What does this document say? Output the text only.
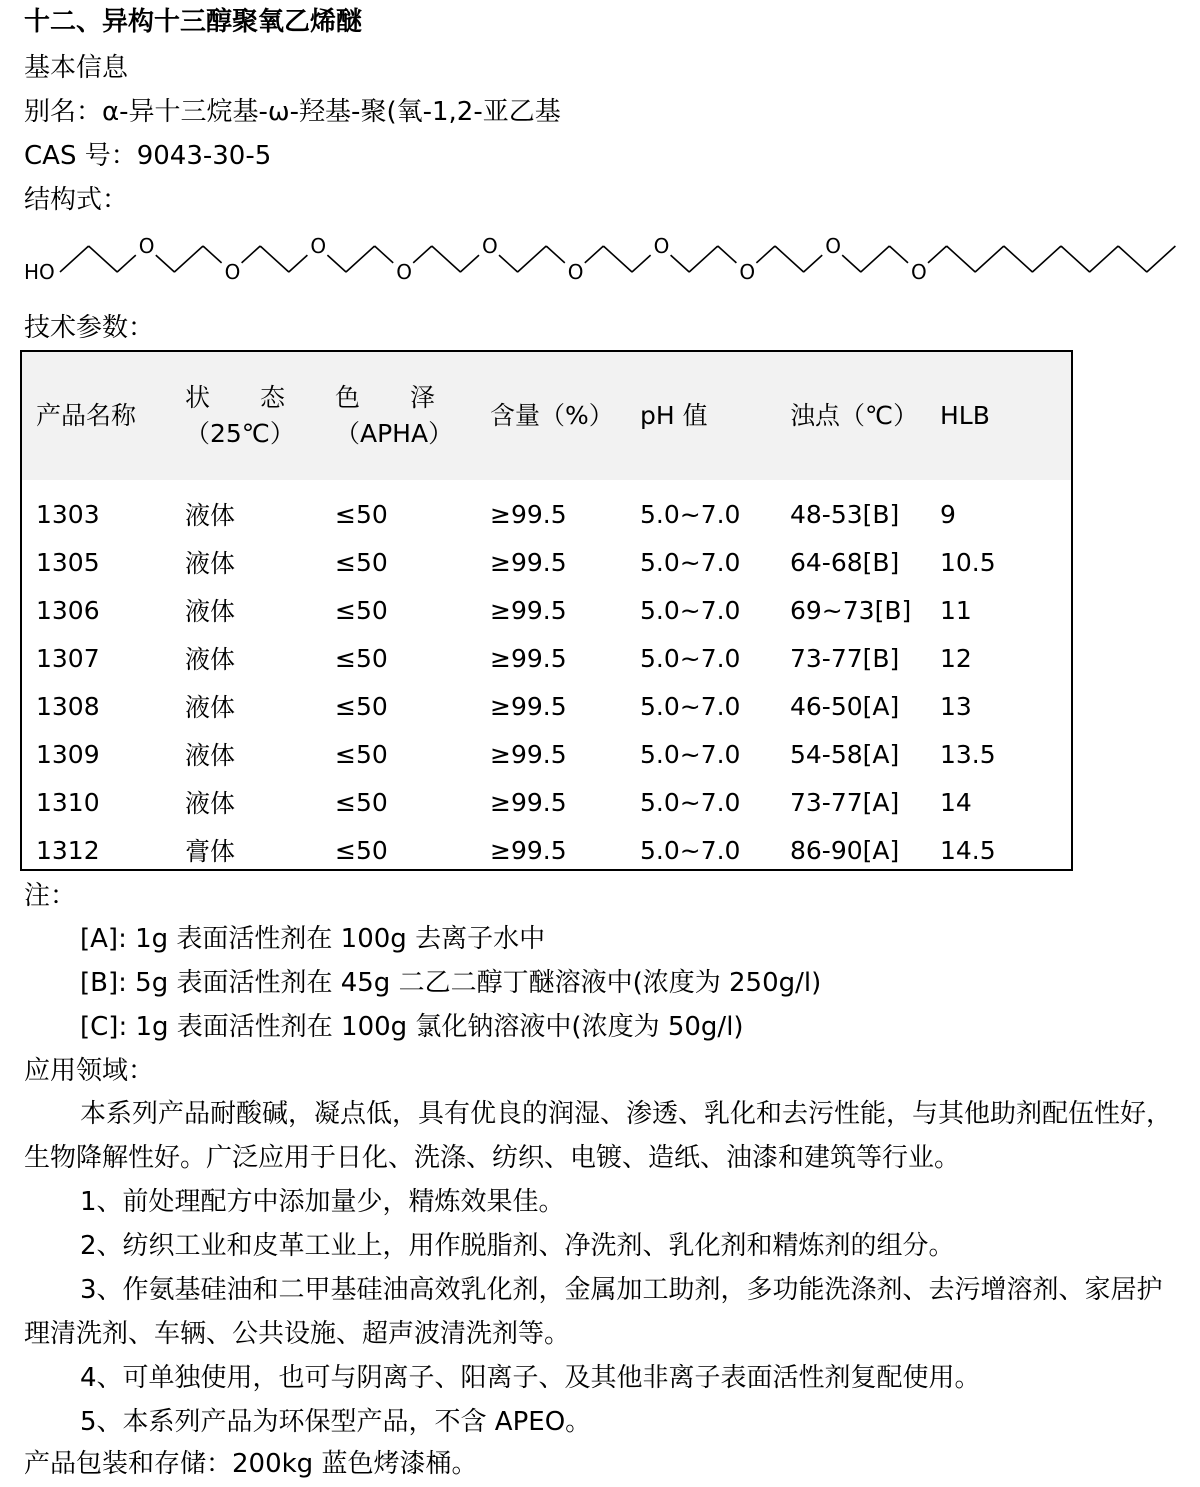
十二、异构十三醇聚氧乙烯醚
基本信息
别名：α-异十三烷基-ω-羟基-聚(氧-1,2-亚乙基
CAS 号：9043-30-5
结构式：
HO
O
O
O
O
O
O
O
O
O
O
技术参数：
产品名称	状　　态（25℃）	色　　泽（APHA）	含量（%）	pH 值	浊点（℃）	HLB
1303	液体	≤50	≥99.5	5.0~7.0	48-53[B]	9
1305	液体	≤50	≥99.5	5.0~7.0	64-68[B]	10.5
1306	液体	≤50	≥99.5	5.0~7.0	69~73[B]	11
1307	液体	≤50	≥99.5	5.0~7.0	73-77[B]	12
1308	液体	≤50	≥99.5	5.0~7.0	46-50[A]	13
1309	液体	≤50	≥99.5	5.0~7.0	54-58[A]	13.5
1310	液体	≤50	≥99.5	5.0~7.0	73-77[A]	14
1312	膏体	≤50	≥99.5	5.0~7.0	86-90[A]	14.5
注：
[A]: 1g 表面活性剂在 100g 去离子水中
[B]: 5g 表面活性剂在 45g 二乙二醇丁醚溶液中(浓度为 250g/l)
[C]: 1g 表面活性剂在 100g 氯化钠溶液中(浓度为 50g/l)
应用领域：
本系列产品耐酸碱，凝点低，具有优良的润湿、渗透、乳化和去污性能，与其他助剂配伍性好，生物降解性好。广泛应用于日化、洗涤、纺织、电镀、造纸、油漆和建筑等行业。
1、前处理配方中添加量少，精炼效果佳。
2、纺织工业和皮革工业上，用作脱脂剂、净洗剂、乳化剂和精炼剂的组分。
3、作氨基硅油和二甲基硅油高效乳化剂，金属加工助剂，多功能洗涤剂、去污增溶剂、家居护理清洗剂、车辆、公共设施、超声波清洗剂等。
4、可单独使用，也可与阴离子、阳离子、及其他非离子表面活性剂复配使用。
5、本系列产品为环保型产品，不含 APEO。
产品包装和存储：200kg 蓝色烤漆桶。
